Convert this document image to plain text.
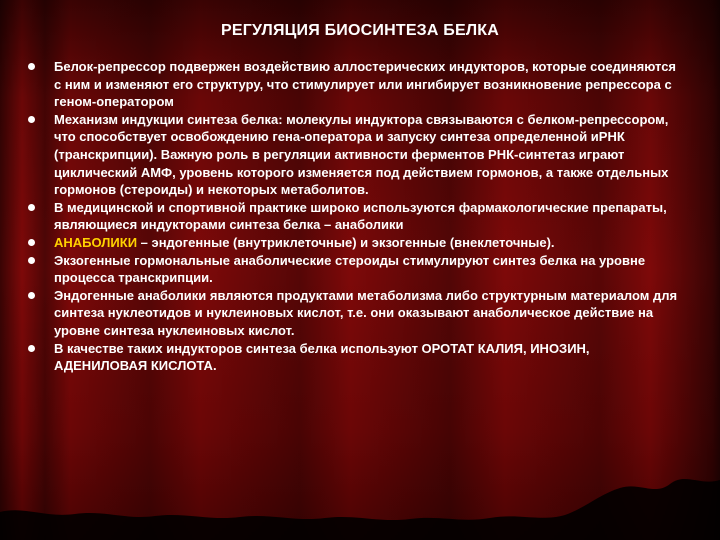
РЕГУЛЯЦИЯ БИОСИНТЕЗА БЕЛКА
Белок-репрессор подвержен воздействию аллостерических индукторов, которые соединяются с ним и изменяют его структуру, что стимулирует или ингибирует возникновение репрессора с геном-оператором
Механизм индукции синтеза белка: молекулы индуктора связываются с белком-репрессором, что способствует освобождению гена-оператора и запуску синтеза определенной иРНК (транскрипции). Важную роль в регуляции активности ферментов РНК-синтетаз играют циклический АМФ, уровень которого изменяется под действием гормонов, а также отдельных гормонов (стероиды) и некоторых метаболитов.
В медицинской и спортивной практике широко используются фармакологические препараты, являющиеся индукторами синтеза белка – анаболики
АНАБОЛИКИ – эндогенные (внутриклеточные) и экзогенные (внеклеточные).
Экзогенные гормональные анаболические стероиды стимулируют синтез белка на уровне процесса транскрипции.
Эндогенные анаболики являются продуктами метаболизма либо структурным материалом для синтеза нуклеотидов и нуклеиновых кислот, т.е. они оказывают анаболическое действие на уровне синтеза нуклеиновых кислот.
В качестве таких индукторов синтеза белка используют ОРОТАТ КАЛИЯ, ИНОЗИН, АДЕНИЛОВАЯ КИСЛОТА.
